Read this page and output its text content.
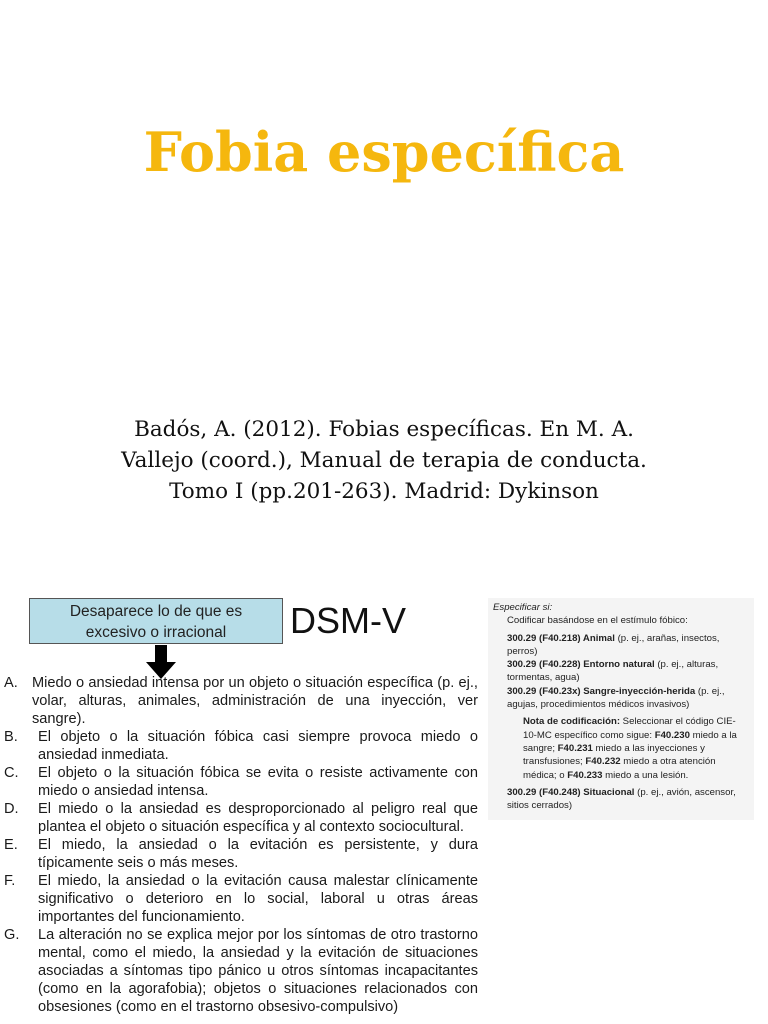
Fobia específica
Badós, A. (2012). Fobias específicas. En M. A.
Vallejo (coord.), Manual de terapia de conducta.
Tomo I (pp.201-263). Madrid: Dykinson
Desaparece lo de que es
excesivo o irracional	DSM-V
A. Miedo o ansiedad intensa por un objeto o situación específica (p. ej., volar, alturas, animales, administración de una inyección, ver sangre).
B. El objeto o la situación fóbica casi siempre provoca miedo o ansiedad inmediata.
C. El objeto o la situación fóbica se evita o resiste activamente con miedo o ansiedad intensa.
D. El miedo o la ansiedad es desproporcionado al peligro real que plantea el objeto o situación específica y al contexto sociocultural.
E. El miedo, la ansiedad o la evitación es persistente, y dura típicamente seis o más meses.
F. El miedo, la ansiedad o la evitación causa malestar clínicamente significativo o deterioro en lo social, laboral u otras áreas importantes del funcionamiento.
G. La alteración no se explica mejor por los síntomas de otro trastorno mental, como el miedo, la ansiedad y la evitación de situaciones asociadas a síntomas tipo pánico u otros síntomas incapacitantes (como en la agorafobia); objetos o situaciones relacionados con obsesiones (como en el trastorno obsesivo-compulsivo)

Especificar si:

Codificar basándose en el estímulo fóbico:

300.29 (F40.218) Animal (p. ej., arañas, insectos, perros)

300.29 (F40.228) Entorno natural (p. ej., alturas, tormentas, agua)

300.29 (F40.23x) Sangre-inyección-herida (p. ej., agujas, procedimientos médicos invasivos)

Nota de codificación: Seleccionar el código CIE-10-MC específico como sigue: F40.230 miedo a la sangre; F40.231 miedo a las inyecciones y transfusiones; F40.232 miedo a otra atención médica; o F40.233 miedo a una lesión.

300.29 (F40.248) Situacional (p. ej., avión, ascensor, sitios cerrados)
